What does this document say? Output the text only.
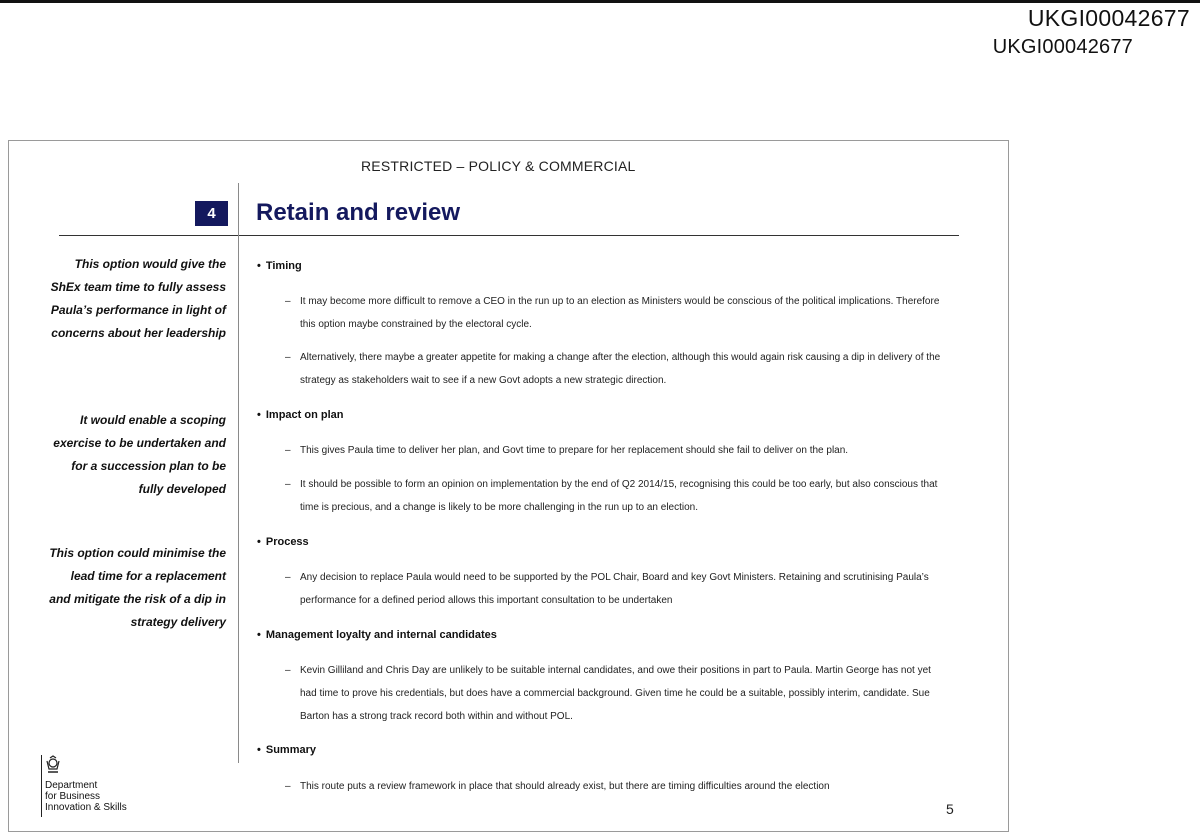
UKGI00042677
UKGI00042677
RESTRICTED – POLICY & COMMERCIAL
4	Retain and review
This option would give the ShEx team time to fully assess Paula’s performance in light of concerns about her leadership
It would enable a scoping exercise to be undertaken and for a succession plan to be fully developed
This option could minimise the lead time for a replacement and mitigate the risk of a dip in strategy delivery
• Timing
– It may become more difficult to remove a CEO in the run up to an election as Ministers would be conscious of the political implications. Therefore this option maybe constrained by the electoral cycle.
– Alternatively, there maybe a greater appetite for making a change after the election, although this would again risk causing a dip in delivery of the strategy as stakeholders wait to see if a new Govt adopts a new strategic direction.
• Impact on plan
– This gives Paula time to deliver her plan, and Govt time to prepare for her replacement should she fail to deliver on the plan.
– It should be possible to form an opinion on implementation by the end of Q2 2014/15, recognising this could be too early, but also conscious that time is precious, and a change is likely to be more challenging in the run up to an election.
• Process
– Any decision to replace Paula would need to be supported by the POL Chair, Board and key Govt Ministers. Retaining and scrutinising Paula’s performance for a defined period allows this important consultation to be undertaken
• Management loyalty and internal candidates
– Kevin Gilliland and Chris Day are unlikely to be suitable internal candidates, and owe their positions in part to Paula. Martin George has not yet had time to prove his credentials, but does have a commercial background. Given time he could be a suitable, possibly interim, candidate. Sue Barton has a strong track record both within and without POL.
• Summary
– This route puts a review framework in place that should already exist, but there are timing difficulties around the election
Department
for Business
Innovation & Skills	5
